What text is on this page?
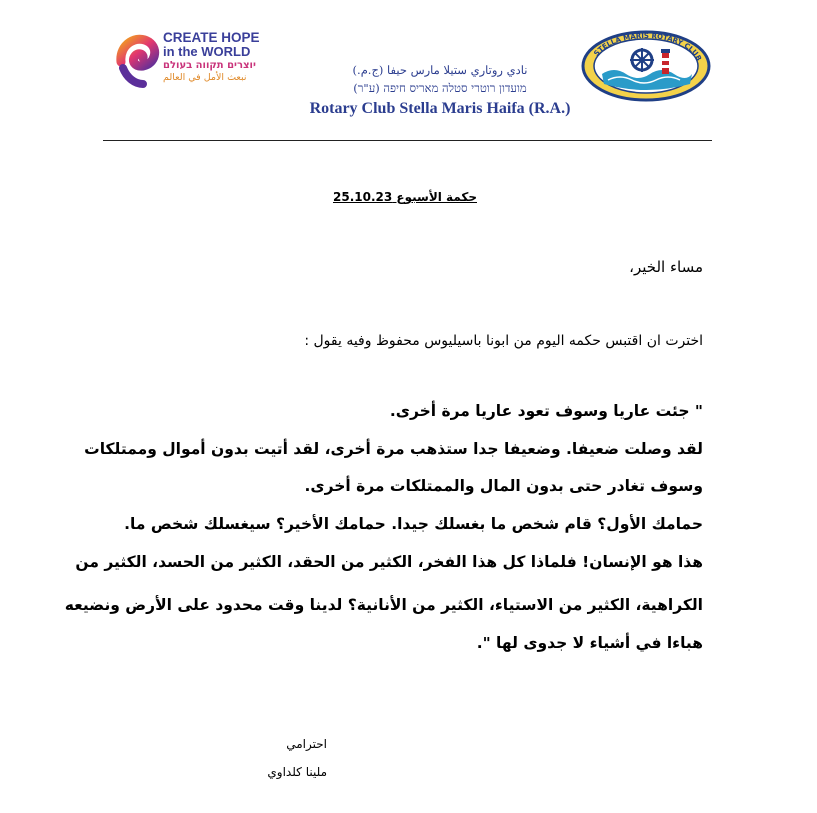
CREATE HOPE
in the WORLD
יוצרים תקווה בעולם
نبعث الأمل في العالم
نادي روتاري ستيلا مارس حيفا (ج.م.)
מועדון רוטרי סטלה מאריס חיפה (ע"ר)
Rotary Club Stella Maris Haifa (R.A.)
STELLA MARIS ROTARY CLUB
حكمة الأسبوع 25.10.23
مساء الخير،
اخترت ان اقتبس حكمه اليوم من ابونا باسيليوس محفوظ وفيه يقول :
" جئت عاريا وسوف تعود عاريا مرة أخرى.
لقد وصلت ضعيفا. وضعيفا جدا ستذهب مرة أخرى، لقد أتيت بدون أموال وممتلكات
وسوف تغادر حتى بدون المال والممتلكات مرة أخرى.
حمامك الأول؟ قام شخص ما بغسلك جيدا. حمامك الأخير؟ سيغسلك شخص ما.
هذا هو الإنسان! فلماذا كل هذا الفخر، الكثير من الحقد، الكثير من الحسد، الكثير من
الكراهية، الكثير من الاستياء، الكثير من الأنانية؟ لدينا وقت محدود على الأرض ونضيعه
هباءا في أشياء لا جدوى لها ".
احترامي
ملينا كلداوي
